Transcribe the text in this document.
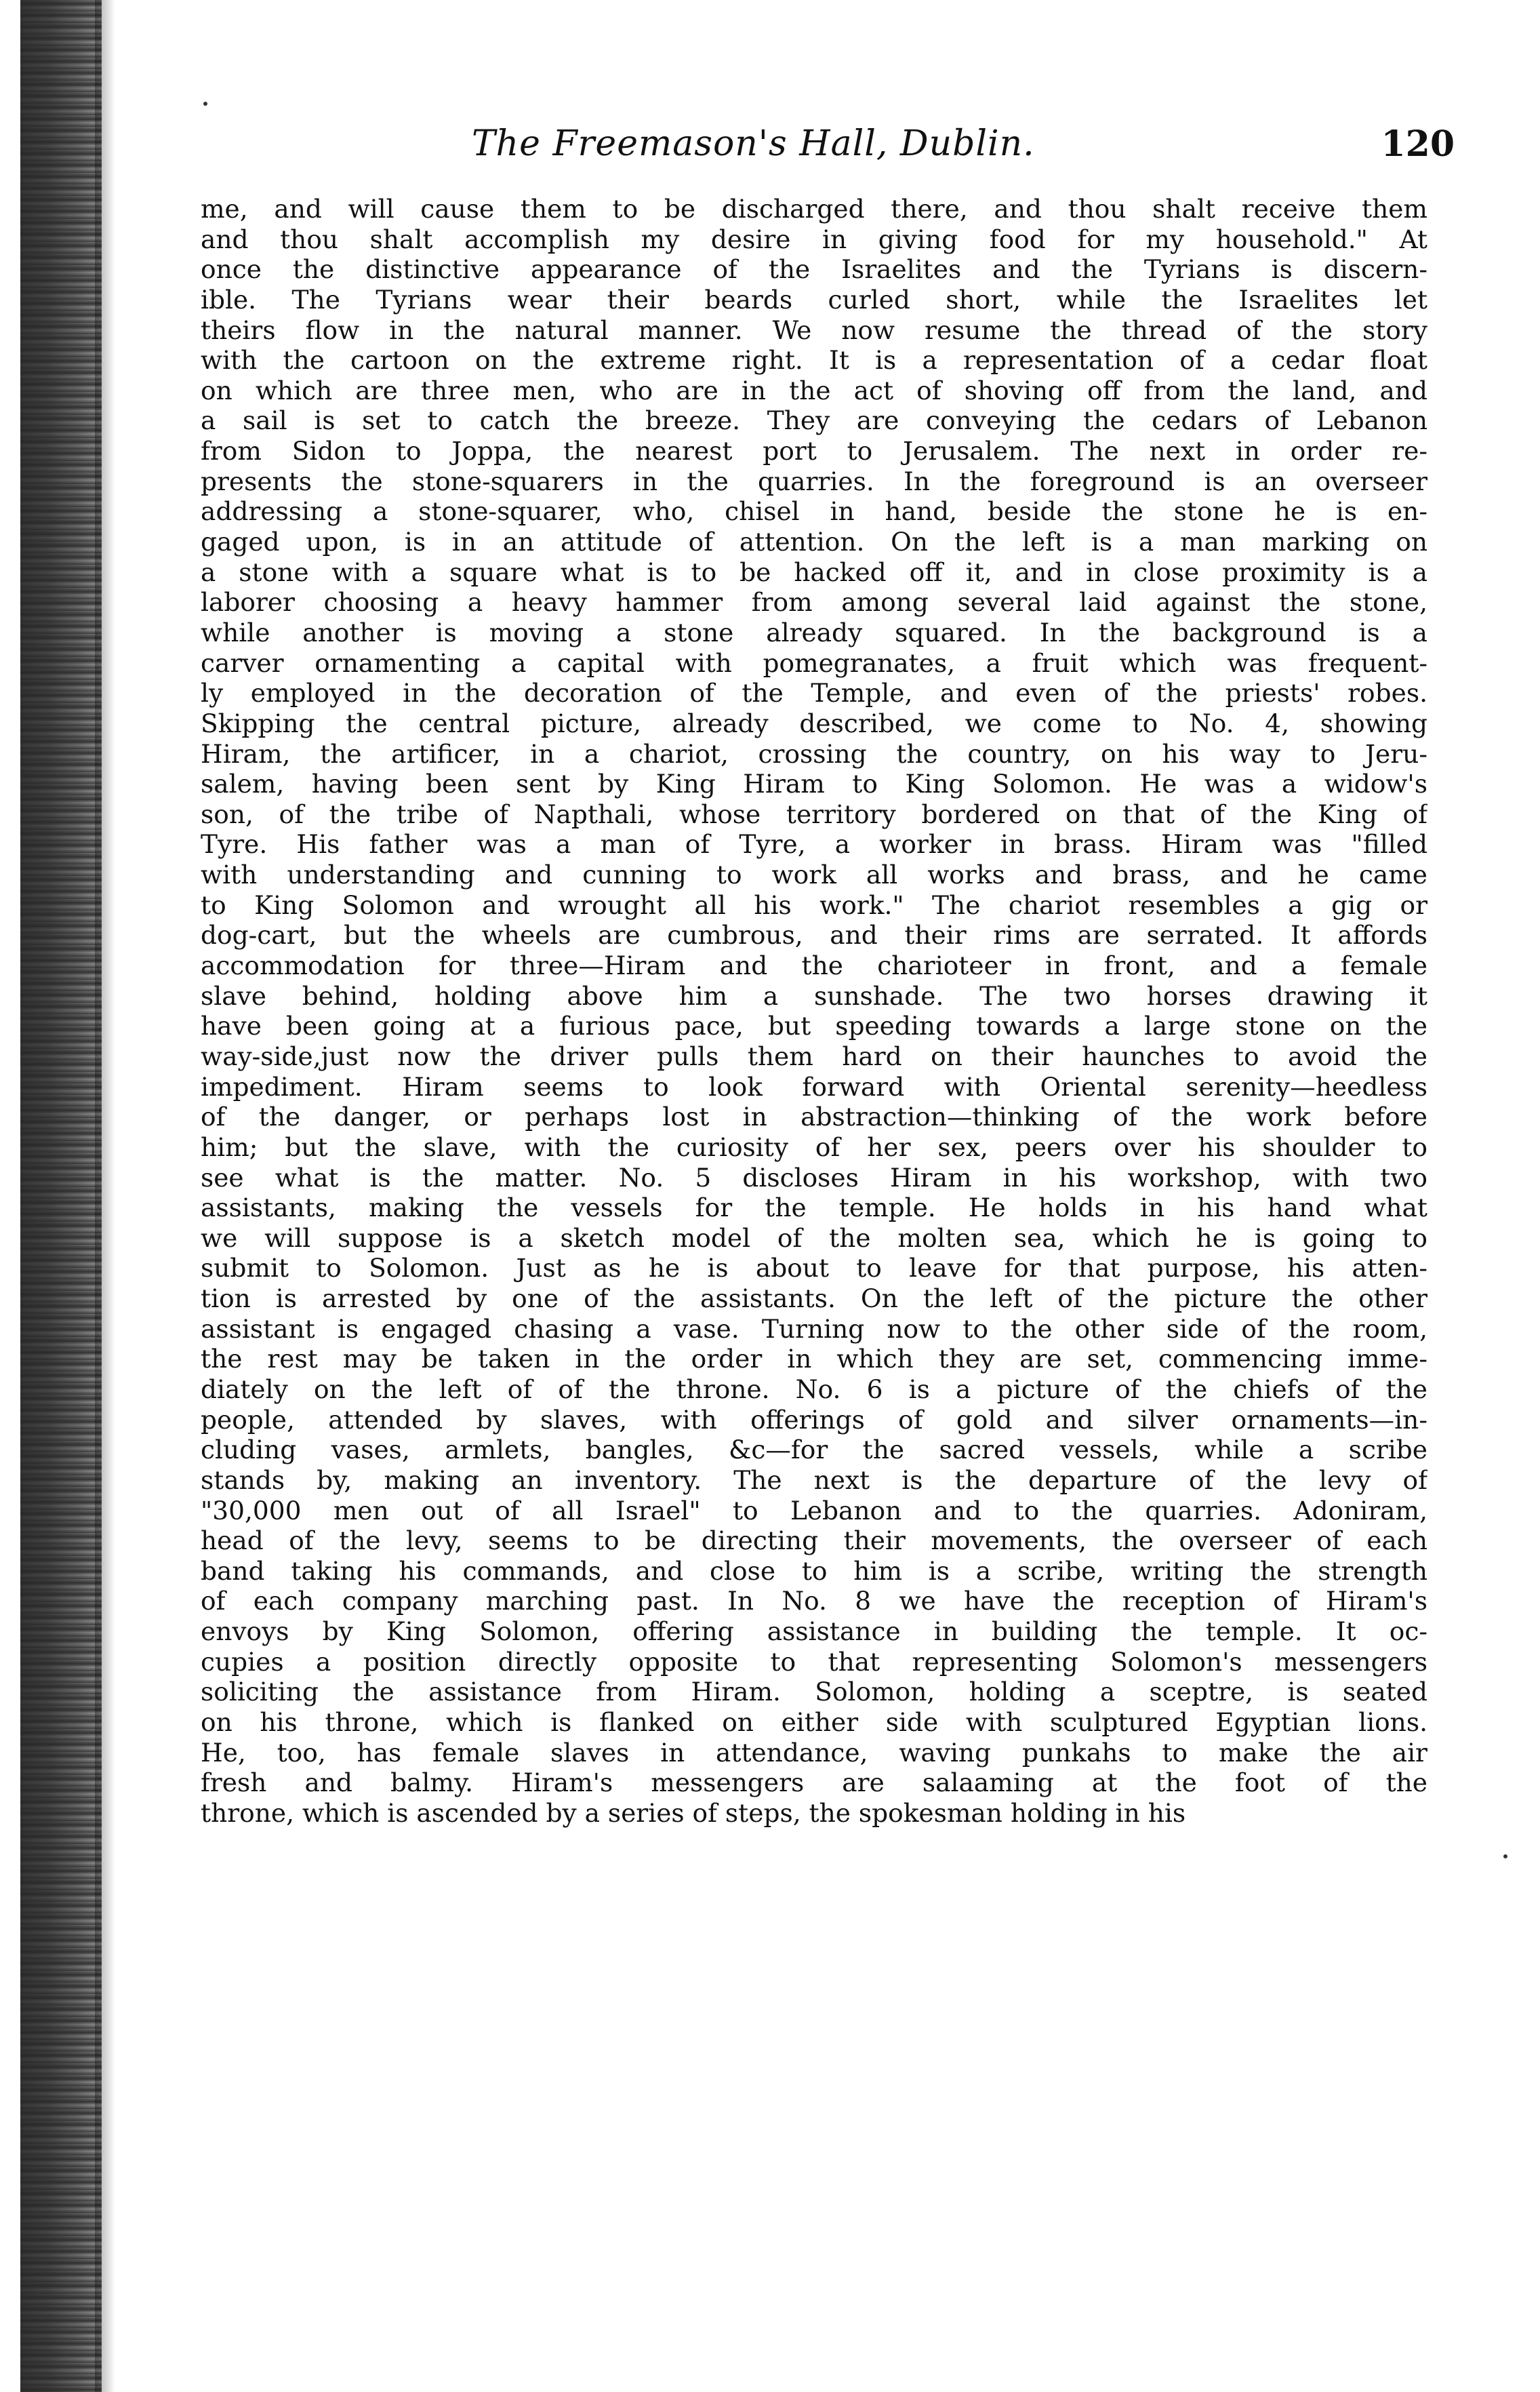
The Freemason's Hall, Dublin.	120
me, and will cause them to be discharged there, and thou shalt receive them
and thou shalt accomplish my desire in giving food for my household." At
once the distinctive appearance of the Israelites and the Tyrians is discern-
ible. The Tyrians wear their beards curled short, while the Israelites let
theirs flow in the natural manner. We now resume the thread of the story
with the cartoon on the extreme right. It is a representation of a cedar float
on which are three men, who are in the act of shoving off from the land, and
a sail is set to catch the breeze. They are conveying the cedars of Lebanon
from Sidon to Joppa, the nearest port to Jerusalem. The next in order re-
presents the stone-squarers in the quarries. In the foreground is an overseer
addressing a stone-squarer, who, chisel in hand, beside the stone he is en-
gaged upon, is in an attitude of attention. On the left is a man marking on
a stone with a square what is to be hacked off it, and in close proximity is a
laborer choosing a heavy hammer from among several laid against the stone,
while another is moving a stone already squared. In the background is a
carver ornamenting a capital with pomegranates, a fruit which was frequent-
ly employed in the decoration of the Temple, and even of the priests' robes.
Skipping the central picture, already described, we come to No. 4, showing
Hiram, the artificer, in a chariot, crossing the country, on his way to Jeru-
salem, having been sent by King Hiram to King Solomon. He was a widow's
son, of the tribe of Napthali, whose territory bordered on that of the King of
Tyre. His father was a man of Tyre, a worker in brass. Hiram was "filled
with understanding and cunning to work all works and brass, and he came
to King Solomon and wrought all his work." The chariot resembles a gig or
dog-cart, but the wheels are cumbrous, and their rims are serrated. It affords
accommodation for three—Hiram and the charioteer in front, and a female
slave behind, holding above him a sunshade. The two horses drawing it
have been going at a furious pace, but speeding towards a large stone on the
way-side,just now the driver pulls them hard on their haunches to avoid the
impediment. Hiram seems to look forward with Oriental serenity—heedless
of the danger, or perhaps lost in abstraction—thinking of the work before
him; but the slave, with the curiosity of her sex, peers over his shoulder to
see what is the matter. No. 5 discloses Hiram in his workshop, with two
assistants, making the vessels for the temple. He holds in his hand what
we will suppose is a sketch model of the molten sea, which he is going to
submit to Solomon. Just as he is about to leave for that purpose, his atten-
tion is arrested by one of the assistants. On the left of the picture the other
assistant is engaged chasing a vase. Turning now to the other side of the room,
the rest may be taken in the order in which they are set, commencing imme-
diately on the left of of the throne. No. 6 is a picture of the chiefs of the
people, attended by slaves, with offerings of gold and silver ornaments—in-
cluding vases, armlets, bangles, &c—for the sacred vessels, while a scribe
stands by, making an inventory. The next is the departure of the levy of
"30,000 men out of all Israel" to Lebanon and to the quarries. Adoniram,
head of the levy, seems to be directing their movements, the overseer of each
band taking his commands, and close to him is a scribe, writing the strength
of each company marching past. In No. 8 we have the reception of Hiram's
envoys by King Solomon, offering assistance in building the temple. It oc-
cupies a position directly opposite to that representing Solomon's messengers
soliciting the assistance from Hiram. Solomon, holding a sceptre, is seated
on his throne, which is flanked on either side with sculptured Egyptian lions.
He, too, has female slaves in attendance, waving punkahs to make the air
fresh and balmy. Hiram's messengers are salaaming at the foot of the
throne, which is ascended by a series of steps, the spokesman holding in his
